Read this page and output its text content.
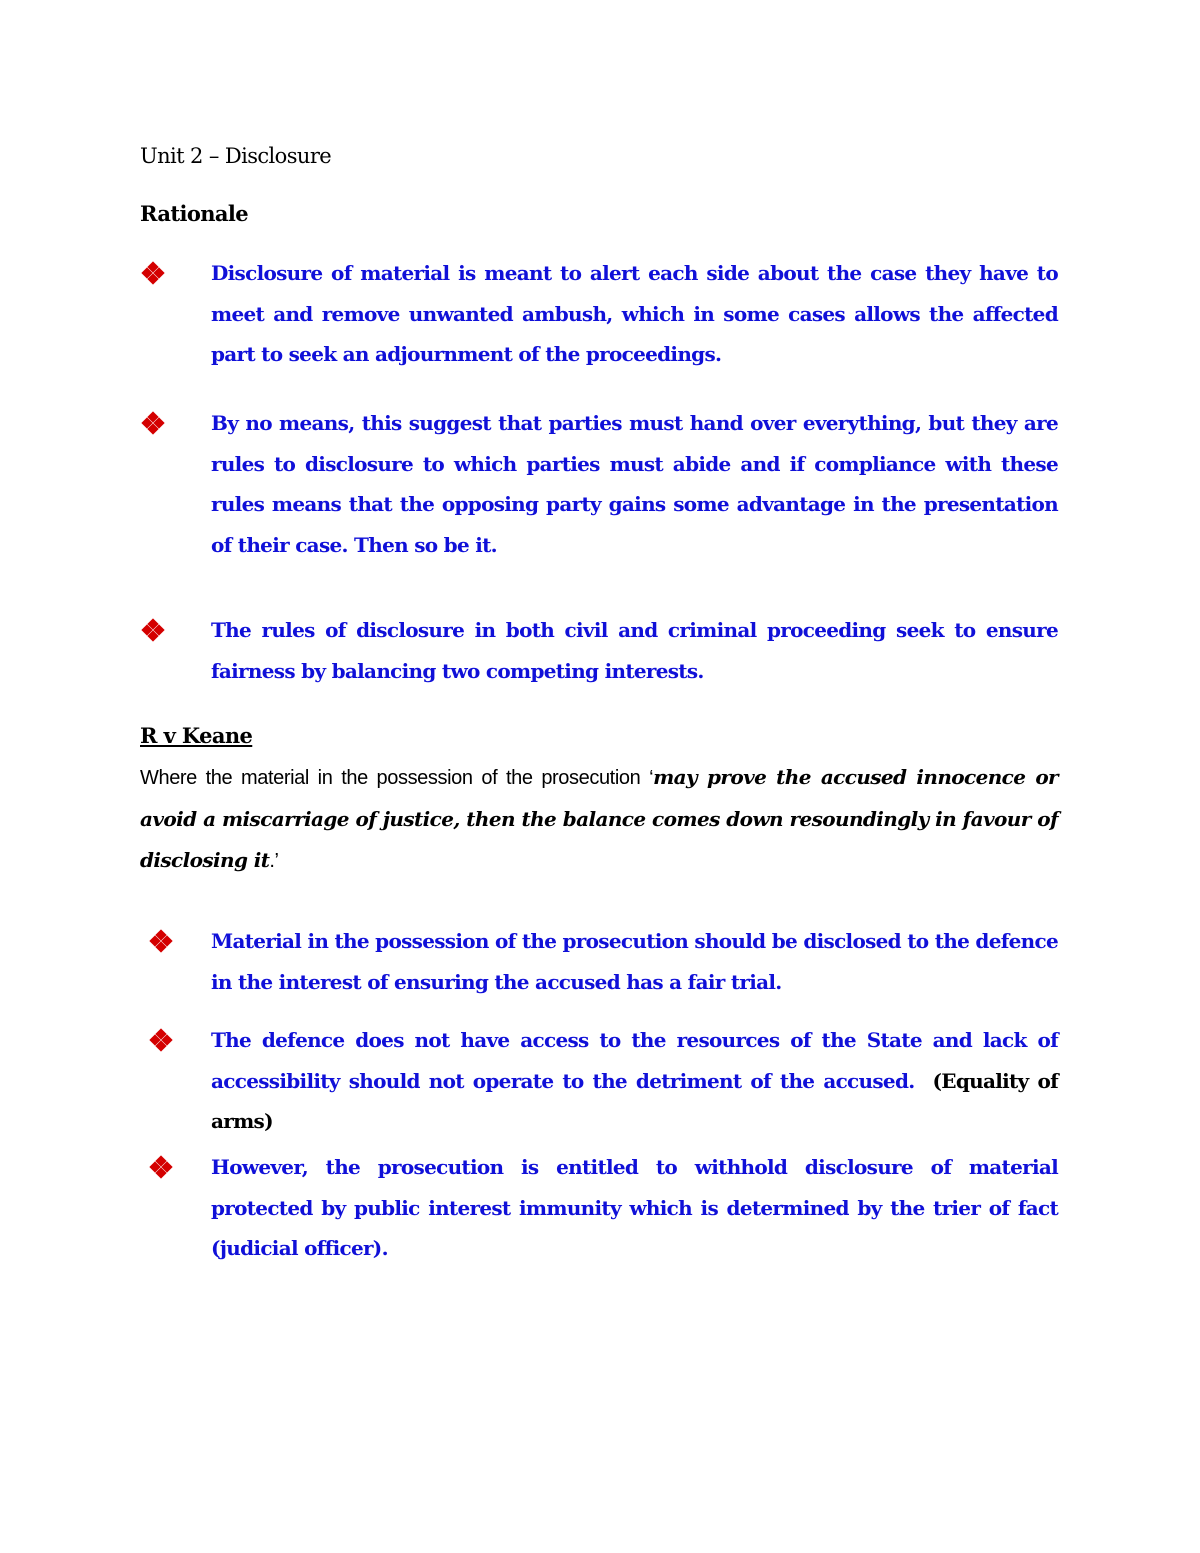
Unit 2 – Disclosure
Rationale

Disclosure of material is meant to alert each side about the case they have to meet and remove unwanted ambush, which in some cases allows the affected part to seek an adjournment of the proceedings.

By no means, this suggest that parties must hand over everything, but they are rules to disclosure to which parties must abide and if compliance with these rules means that the opposing party gains some advantage in the presentation of their case. Then so be it.

The rules of disclosure in both civil and criminal proceeding seek to ensure fairness by balancing two competing interests.

R v Keane

Where the material in the possession of the prosecution ‘may prove the accused innocence or avoid a miscarriage of justice, then the balance comes down resoundingly in favour of disclosing it.’

Material in the possession of the prosecution should be disclosed to the defence in the interest of ensuring the accused has a fair trial.

The defence does not have access to the resources of the State and lack of accessibility should not operate to the detriment of the accused. (Equality of arms)

However, the prosecution is entitled to withhold disclosure of material protected by public interest immunity which is determined by the trier of fact (judicial officer).
